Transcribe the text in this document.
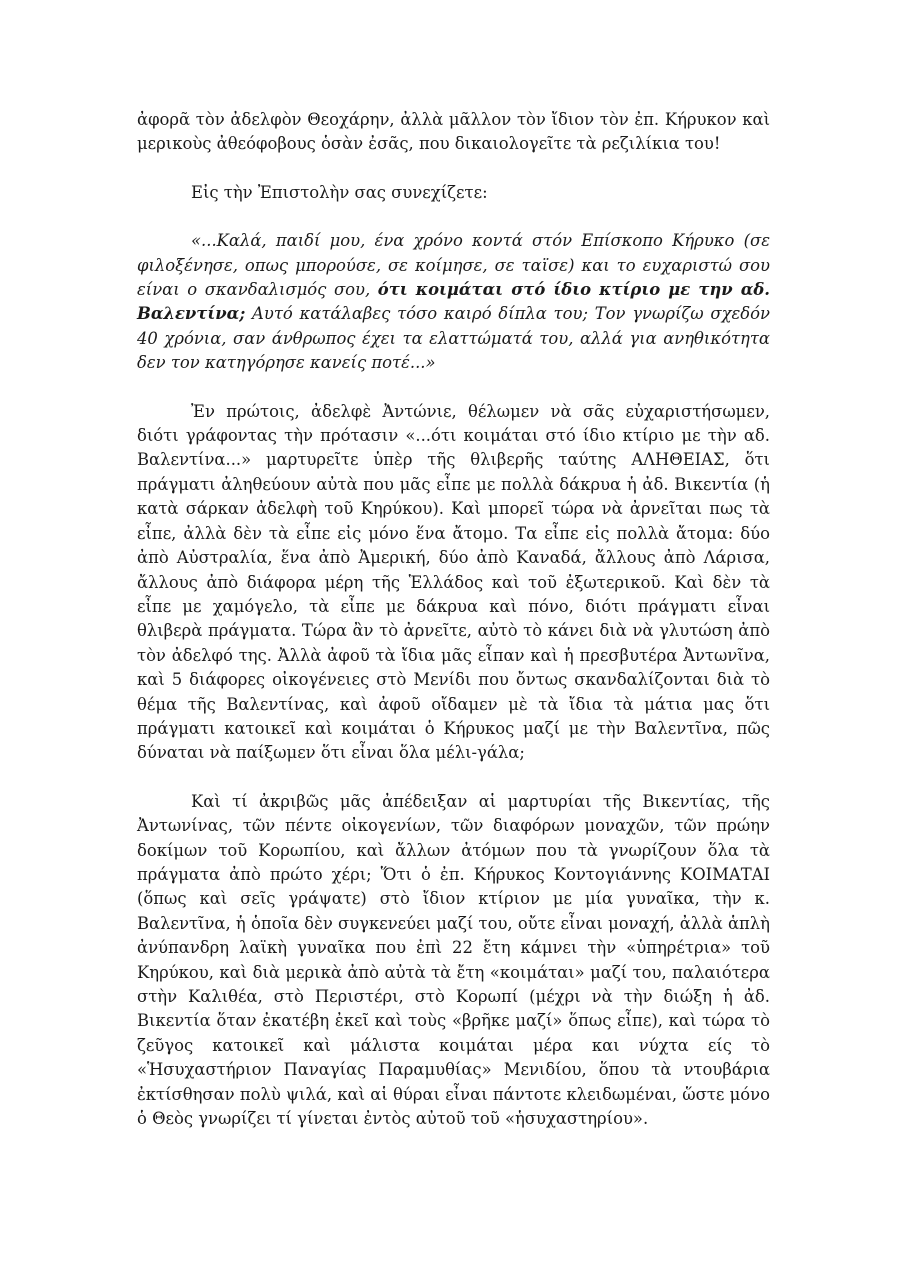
ἀφορᾶ τὸν ἀδελφὸν Θεοχάρην, ἀλλὰ μᾶλλον τὸν ἴδιον τὸν ἐπ. Κήρυκον καὶ μερικοὺς ἀθεόφοβους ὁσὰν ἐσᾶς, που δικαιολογεῖτε τὰ ρεζιλίκια του!

Εἰς τὴν Ἐπιστολὴν σας συνεχίζετε:

«...Καλά, παιδί μου, ένα χρόνο κοντά στόν Επίσκοπο Κήρυκο (σε φιλοξένησε, οπως μπορούσε, σε κοίμησε, σε ταϊσε) και το ευχαριστώ σου είναι ο σκανδαλισμός σου, ότι κοιμάται στό ίδιο κτίριο με την αδ. Βαλεντίνα; Αυτό κατάλαβες τόσο καιρό δίπλα του; Τον γνωρίζω σχεδόν 40 χρόνια, σαν άνθρωπος έχει τα ελαττώματά του, αλλά για ανηθικότητα δεν τον κατηγόρησε κανείς ποτέ...»

Ἐν πρώτοις, ἀδελφὲ Ἀντώνιε, θέλωμεν νὰ σᾶς εὐχαριστήσωμεν, διότι γράφοντας τὴν πρότασιν «...ότι κοιμάται στό ίδιο κτίριο με τὴν αδ. Βαλεντίνα...» μαρτυρεῖτε ὑπὲρ τῆς θλιβερῆς ταύτης ΑΛΗΘΕΙΑΣ, ὅτι πράγματι ἀληθεύουν αὐτὰ που μᾶς εἶπε με πολλὰ δάκρυα ἡ ἀδ. Βικεντία (ἡ κατὰ σάρκαν ἀδελφὴ τοῦ Κηρύκου). Καὶ μπορεῖ τώρα νὰ ἀρνεῖται πως τὰ εἶπε, ἀλλὰ δὲν τὰ εἶπε εἰς μόνο ἕνα ἄτομο. Τα εἶπε εἰς πολλὰ ἄτομα: δύο ἀπὸ Αὐστραλία, ἕνα ἀπὸ Ἀμερική, δύο ἀπὸ Καναδά, ἄλλους ἀπὸ Λάρισα, ἄλλους ἀπὸ διάφορα μέρη τῆς Ἑλλάδος καὶ τοῦ ἐξωτερικοῦ. Καὶ δὲν τὰ εἶπε με χαμόγελο, τὰ εἶπε με δάκρυα καὶ πόνο, διότι πράγματι εἶναι θλιβερὰ πράγματα. Τώρα ἂν τὸ ἀρνεῖτε, αὐτὸ τὸ κάνει διὰ νὰ γλυτώση ἀπὸ τὸν ἀδελφό της. Ἀλλὰ ἀφοῦ τὰ ἴδια μᾶς εἶπαν καὶ ἡ πρεσβυτέρα Ἀντωνῖνα, καὶ 5 διάφορες οἰκογένειες στὸ Μενίδι που ὄντως σκανδαλίζονται διὰ τὸ θέμα τῆς Βαλεντίνας, καὶ ἀφοῦ οἴδαμεν μὲ τὰ ἴδια τὰ μάτια μας ὅτι πράγματι κατοικεῖ καὶ κοιμάται ὁ Κήρυκος μαζί με τὴν Βαλεντῖνα, πῶς δύναται νὰ παίξωμεν ὅτι εἶναι ὅλα μέλι-γάλα;

Καὶ τί ἀκριβῶς μᾶς ἀπέδειξαν αἱ μαρτυρίαι τῆς Βικεντίας, τῆς Ἀντωνίνας, τῶν πέντε οἰκογενίων, τῶν διαφόρων μοναχῶν, τῶν πρώην δοκίμων τοῦ Κορωπίου, καὶ ἄλλων ἀτόμων που τὰ γνωρίζουν ὅλα τὰ πράγματα ἀπὸ πρώτο χέρι; Ὅτι ὁ ἐπ. Κήρυκος Κοντογιάννης ΚΟΙΜΑΤΑΙ (ὅπως καὶ σεῖς γράψατε) στὸ ἴδιον κτίριον με μία γυναῖκα, τὴν κ. Βαλεντῖνα, ἡ ὁποῖα δὲν συγκενεύει μαζί του, οὔτε εἶναι μοναχή, ἀλλὰ ἁπλὴ ἀνύπανδρη λαϊκὴ γυναῖκα που ἐπὶ 22 ἔτη κάμνει τὴν «ὑπηρέτρια» τοῦ Κηρύκου, καὶ διὰ μερικὰ ἀπὸ αὐτὰ τὰ ἔτη «κοιμάται» μαζί του, παλαιότερα στὴν Καλιθέα, στὸ Περιστέρι, στὸ Κορωπί (μέχρι νὰ τὴν διώξη ἡ ἀδ. Βικεντία ὅταν ἐκατέβη ἐκεῖ καὶ τοὺς «βρῆκε μαζί» ὅπως εἶπε), καὶ τώρα τὸ ζεῦγος κατοικεῖ καὶ μάλιστα κοιμάται μέρα και νύχτα είς τὸ «Ἡσυχαστήριον Παναγίας Παραμυθίας» Μενιδίου, ὅπου τὰ ντουβάρια ἐκτίσθησαν πολὺ ψιλά, καὶ αἱ θύραι εἶναι πάντοτε κλειδωμέναι, ὥστε μόνο ὁ Θεὸς γνωρίζει τί γίνεται ἐντὸς αὐτοῦ τοῦ «ἡσυχαστηρίου».
